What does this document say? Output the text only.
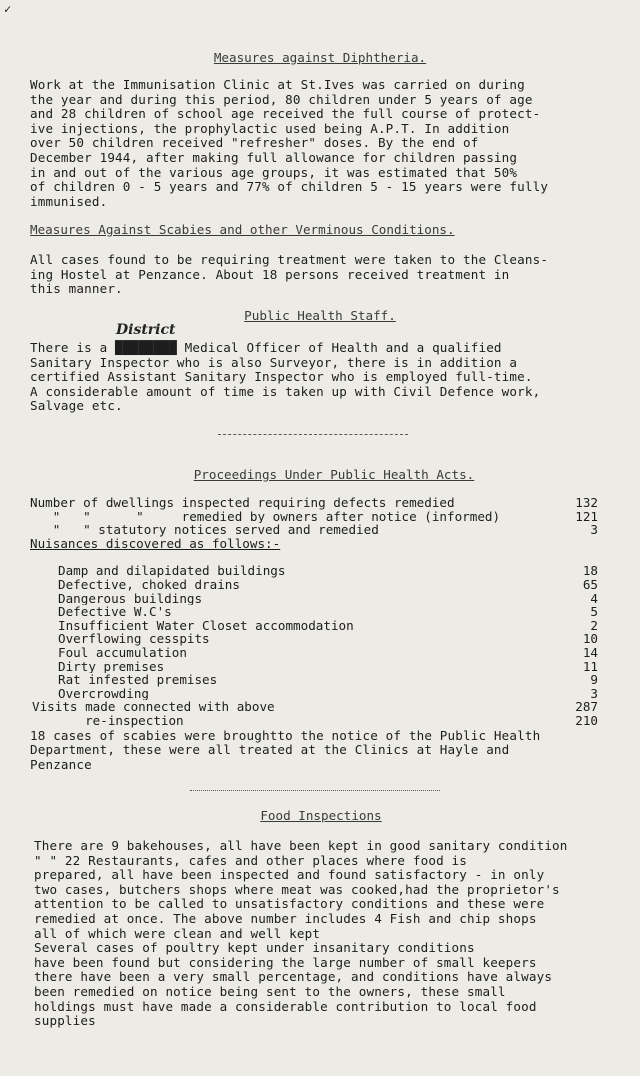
✓
Measures against Diphtheria.

Work at the Immunisation Clinic at St.Ives was carried on during
the year and during this period, 80 children under 5 years of age
and 28 children of school age received the full course of protect-
ive injections, the prophylactic used being A.P.T. In addition
over 50 children received "refresher" doses. By the end of
December 1944, after making full allowance for children passing
in and out of the various age groups, it was estimated that 50%
of children 0 - 5 years and 77% of children 5 - 15 years were fully
immunised.

Measures Against Scabies and other Verminous Conditions.

All cases found to be requiring treatment were taken to the Cleans-
ing Hostel at Penzance. About 18 persons received treatment in
this manner.

Public Health Staff.
District

There is a ████████ Medical Officer of Health and a qualified
Sanitary Inspector who is also Surveyor, there is in addition a
certified Assistant Sanitary Inspector who is employed full-time.
A considerable amount of time is taken up with Civil Defence work,
Salvage etc.

Proceedings Under Public Health Acts.
Number of dwellings inspected requiring defects remedied	132
"   "      "     remedied by owners after notice (informed)	121
"   " statutory notices served and remedied	3
Nuisances discovered as follows:-
Damp and dilapidated buildings	18
Defective, choked drains	65
Dangerous buildings	4
Defective W.C's	5
Insufficient Water Closet accommodation	2
Overflowing cesspits	10
Foul accumulation	14
Dirty premises	11
Rat infested premises	9
Overcrowding	3
Visits made connected with above	287
re-inspection	210

18 cases of scabies were broughtto the notice of the Public Health
Department, these were all treated at the Clinics at Hayle and
Penzance

Food Inspections

There are 9 bakehouses, all have been kept in good sanitary condition
" " 22 Restaurants, cafes and other places where food is
prepared, all have been inspected and found satisfactory - in only
two cases, butchers shops where meat was cooked,had the proprietor's
attention to be called to unsatisfactory conditions and these were
remedied at once. The above number includes 4 Fish and chip shops
all of which were clean and well kept

Several cases of poultry kept under insanitary conditions
have been found but considering the large number of small keepers
there have been a very small percentage, and conditions have always
been remedied on notice being sent to the owners, these small
holdings must have made a considerable contribution to local food
supplies
